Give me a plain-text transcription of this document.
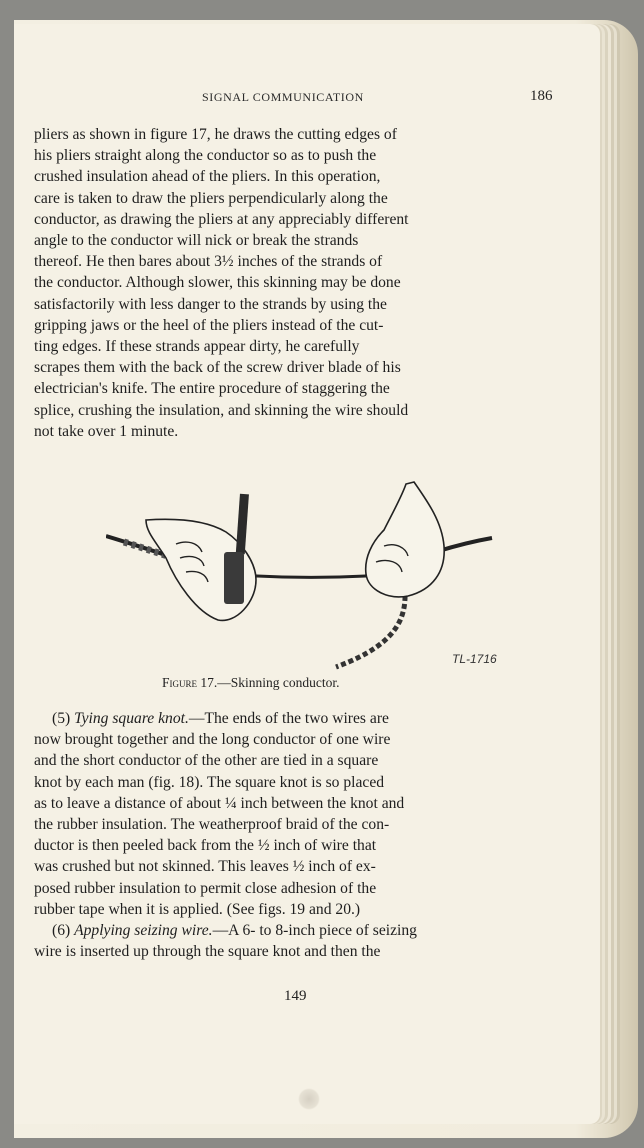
SIGNAL COMMUNICATION	186
pliers as shown in figure 17, he draws the cutting edges of
his pliers straight along the conductor so as to push the
crushed insulation ahead of the pliers. In this operation,
care is taken to draw the pliers perpendicularly along the
conductor, as drawing the pliers at any appreciably different
angle to the conductor will nick or break the strands
thereof. He then bares about 3½ inches of the strands of
the conductor. Although slower, this skinning may be done
satisfactorily with less danger to the strands by using the
gripping jaws or the heel of the pliers instead of the cut-
ting edges. If these strands appear dirty, he carefully
scrapes them with the back of the screw driver blade of his
electrician's knife. The entire procedure of staggering the
splice, crushing the insulation, and skinning the wire should
not take over 1 minute.
TL-1716
Figure 17.—Skinning conductor.
(5) Tying square knot.—The ends of the two wires are
now brought together and the long conductor of one wire
and the short conductor of the other are tied in a square
knot by each man (fig. 18). The square knot is so placed
as to leave a distance of about ¼ inch between the knot and
the rubber insulation. The weatherproof braid of the con-
ductor is then peeled back from the ½ inch of wire that
was crushed but not skinned. This leaves ½ inch of ex-
posed rubber insulation to permit close adhesion of the
rubber tape when it is applied. (See figs. 19 and 20.)
(6) Applying seizing wire.—A 6- to 8-inch piece of seizing
wire is inserted up through the square knot and then the
149
